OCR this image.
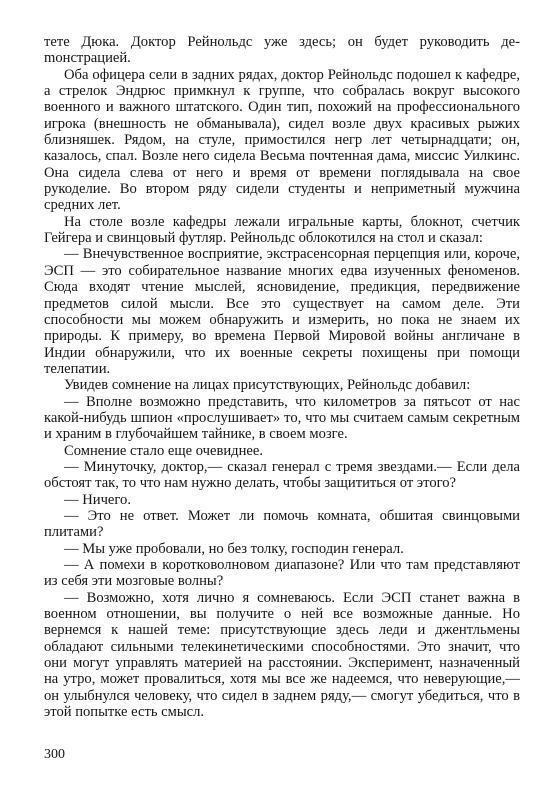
тете Дюка. Доктор Рейнольдс уже здесь; он будет руководить деmонстрацией.

Оба офицера сели в задних рядах, доктор Рейнольдс подошел к кафедре, а стрелок Эндрюс примкнул к группе, что собралась вокруг высокого военного и важного штатского. Один тип, похожий на профессионального игрока (внешность не обманывала), сидел возле двух красивых рыжих близняшек. Рядом, на стуле, примостился негр лет четырнадцати; он, казалось, спал. Возле него сидела Весьма почтенная дама, миссис Уилкинс. Она сидела слева от него и время от времени поглядывала на свое рукоделие. Во втором ряду сидели студенты и неприметный мужчина средних лет.

На столе возле кафедры лежали игральные карты, блокнот, счетчик Гейгера и свинцовый футляр. Рейнольдс облокотился на стол и сказал:

— Внечувственное восприятие, экстрасенсорная перцепция или, короче, ЭСП — это собирательное название многих едва изученных феноменов. Сюда входят чтение мыслей, ясновидение, предикция, передвижение предметов силой мысли. Все это существует на самом деле. Эти способности мы можем обнаружить и измерить, но пока не знаем их природы. К примеру, во времена Первой Мировой войны англичане в Индии обнаружили, что их военные секреты похищены при помощи телепатии.

Увидев сомнение на лицах присутствующих, Рейнольдс добавил:

— Вполне возможно представить, что километров за пятьсот от нас какой-нибудь шпион «прослушивает» то, что мы считаем самым секретным и храним в глубочайшем тайнике, в своем мозге.

Сомнение стало еще очевиднее.

— Минуточку, доктор,— сказал генерал с тремя звездами.— Если дела обстоят так, то что нам нужно делать, чтобы защититься от этого?

— Ничего.

— Это не ответ. Может ли помочь комната, обшитая свинцовыми плитами?

— Мы уже пробовали, но без толку, господин генерал.

— А помехи в коротковолновом диапазоне? Или что там представляют из себя эти мозговые волны?

— Возможно, хотя лично я сомневаюсь. Если ЭСП станет важна в военном отношении, вы получите о ней все возможные данные. Но вернемся к нашей теме: присутствующие здесь леди и джентльмены обладают сильными телекинетическими способностями. Это значит, что они могут управлять материей на расстоянии. Эксперимент, назначенный на утро, может провалиться, хотя мы все же надеемся, что неверующие,— он улыбнулся человеку, что сидел в заднем ряду,— смогут убедиться, что в этой попытке есть смысл.

300
